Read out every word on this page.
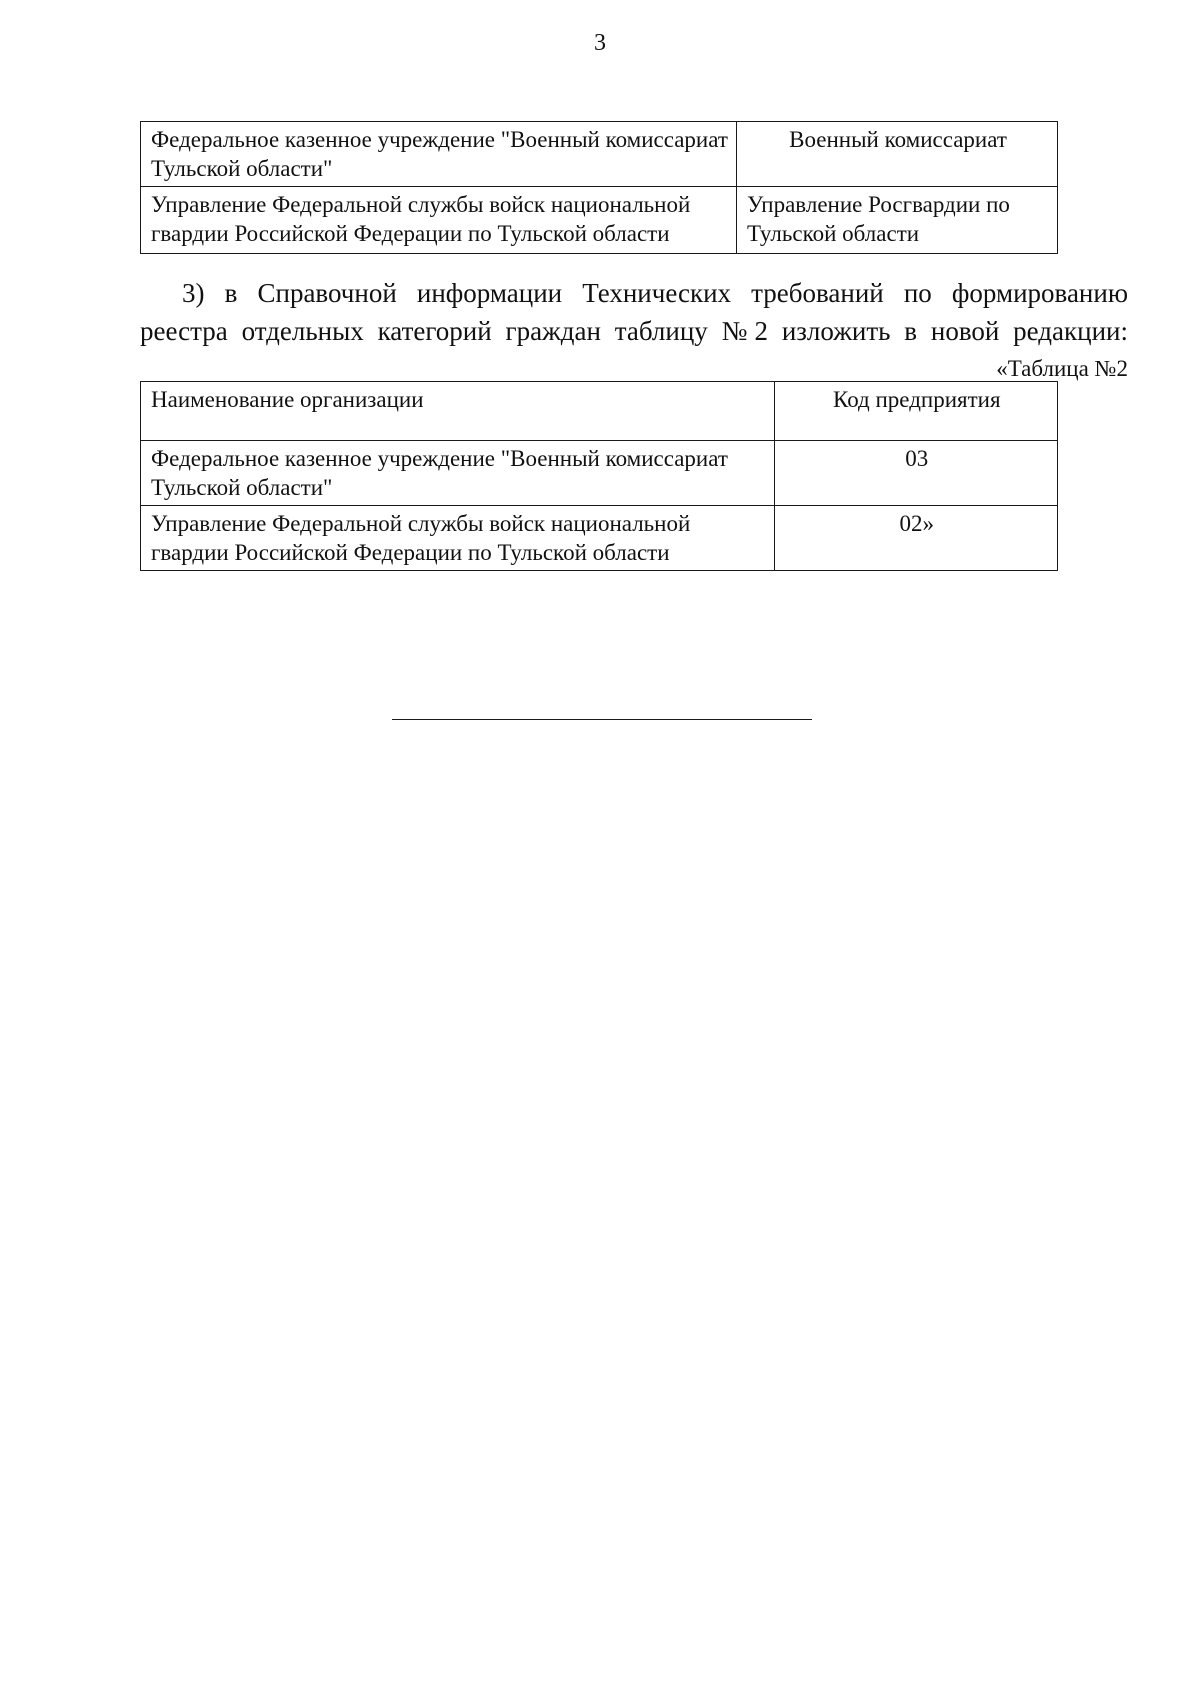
3
Федеральное казенное учреждение "Военный комиссариат Тульской области"	Военный комиссариат
Управление Федеральной службы войск национальной гвардии Российской Федерации по Тульской области	Управление Росгвардии по Тульской области
3) в Справочной информации Технических требований по формированию
реестра отдельных категорий граждан таблицу №2 изложить в новой редакции:
«Таблица №2
Наименование организации	Код предприятия
Федеральное казенное учреждение "Военный комиссариат Тульской области"	03
Управление Федеральной службы войск национальной гвардии Российской Федерации по Тульской области	02»
